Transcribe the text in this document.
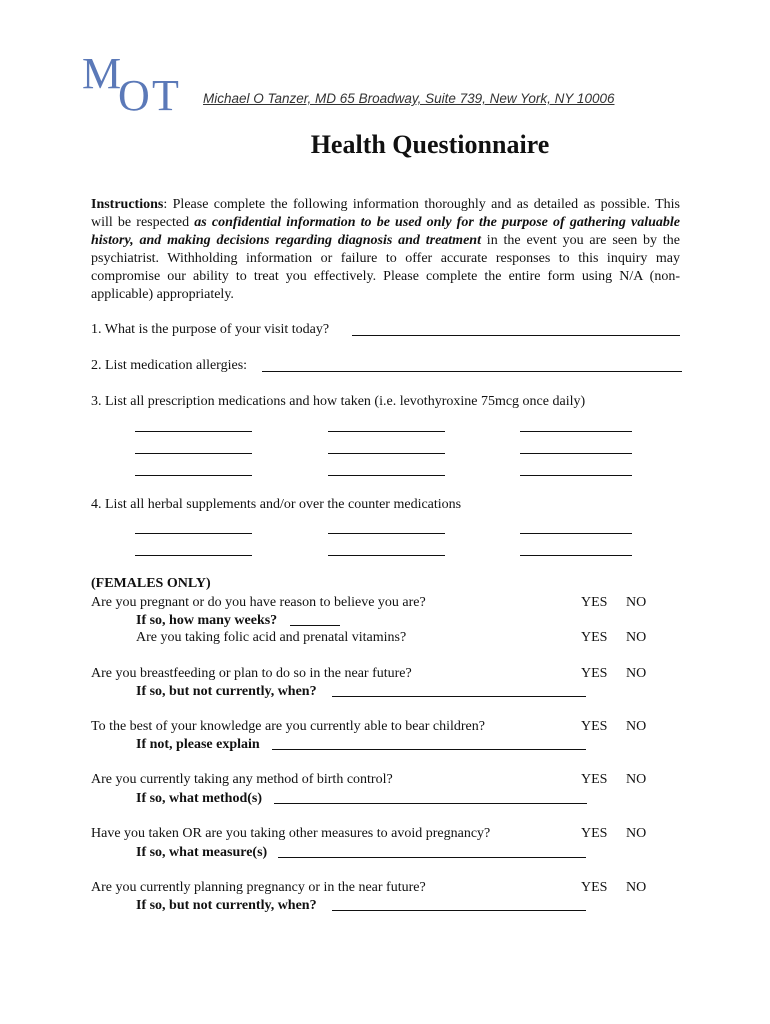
M
O T Michael O Tanzer, MD 65 Broadway, Suite 739, New York, NY 10006
Health Questionnaire
Instructions: Please complete the following information thoroughly and as detailed as possible. This will be respected as confidential information to be used only for the purpose of gathering valuable history, and making decisions regarding diagnosis and treatment in the event you are seen by the psychiatrist. Withholding information or failure to offer accurate responses to this inquiry may compromise our ability to treat you effectively. Please complete the entire form using N/A (non-applicable) appropriately.
1. What is the purpose of your visit today?
2. List medication allergies:
3. List all prescription medications and how taken (i.e. levothyroxine 75mcg once daily)
4. List all herbal supplements and/or over the counter medications
(FEMALES ONLY)
Are you pregnant or do you have reason to believe you are?	YES NO
If so, how many weeks?
Are you taking folic acid and prenatal vitamins?	YES NO
Are you breastfeeding or plan to do so in the near future?	YES NO
If so, but not currently, when?
To the best of your knowledge are you currently able to bear children?	YES NO
If not, please explain
Are you currently taking any method of birth control?	YES NO
If so, what method(s)
Have you taken OR are you taking other measures to avoid pregnancy?	YES NO
If so, what measure(s)
Are you currently planning pregnancy or in the near future?	YES NO
If so, but not currently, when?
